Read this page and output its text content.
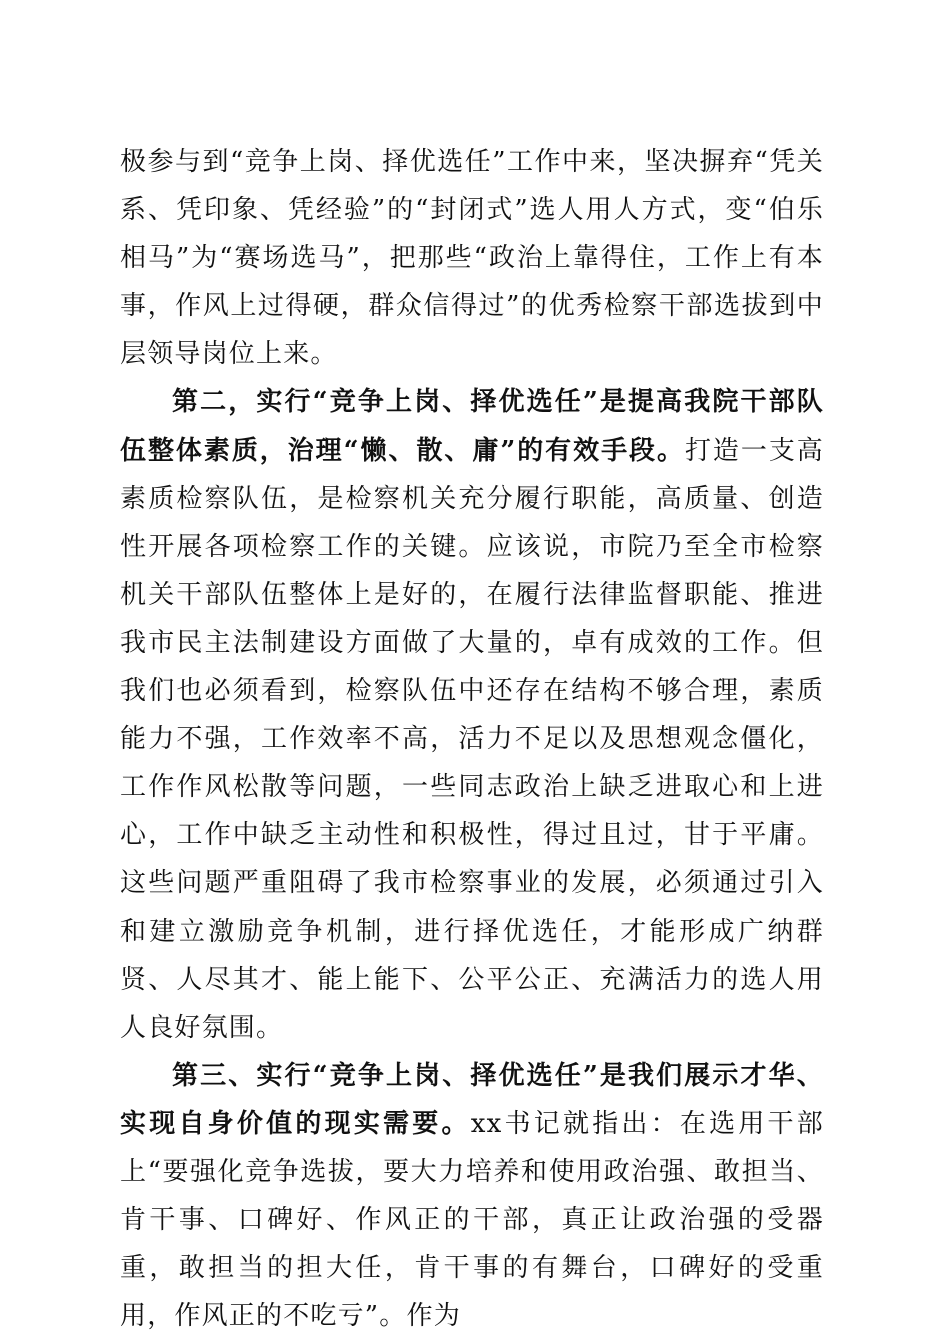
极参与到“竞争上岗、择优选任”工作中来，坚决摒弃“凭关系、凭印象、凭经验”的“封闭式”选人用人方式，变“伯乐相马”为“赛场选马”，把那些“政治上靠得住，工作上有本事，作风上过得硬，群众信得过”的优秀检察干部选拔到中层领导岗位上来。

第二，实行“竞争上岗、择优选任”是提高我院干部队伍整体素质，治理“懒、散、庸”的有效手段。打造一支高素质检察队伍，是检察机关充分履行职能，高质量、创造性开展各项检察工作的关键。应该说，市院乃至全市检察机关干部队伍整体上是好的，在履行法律监督职能、推进我市民主法制建设方面做了大量的，卓有成效的工作。但我们也必须看到，检察队伍中还存在结构不够合理，素质能力不强，工作效率不高，活力不足以及思想观念僵化，工作作风松散等问题，一些同志政治上缺乏进取心和上进心，工作中缺乏主动性和积极性，得过且过，甘于平庸。这些问题严重阻碍了我市检察事业的发展，必须通过引入和建立激励竞争机制，进行择优选任，才能形成广纳群贤、人尽其才、能上能下、公平公正、充满活力的选人用人良好氛围。

第三、实行“竞争上岗、择优选任”是我们展示才华、实现自身价值的现实需要。xx书记就指出：在选用干部上“要强化竞争选拔，要大力培养和使用政治强、敢担当、肯干事、口碑好、作风正的干部，真正让政治强的受器重，敢担当的担大任，肯干事的有舞台，口碑好的受重用，作风正的不吃亏”。作为
